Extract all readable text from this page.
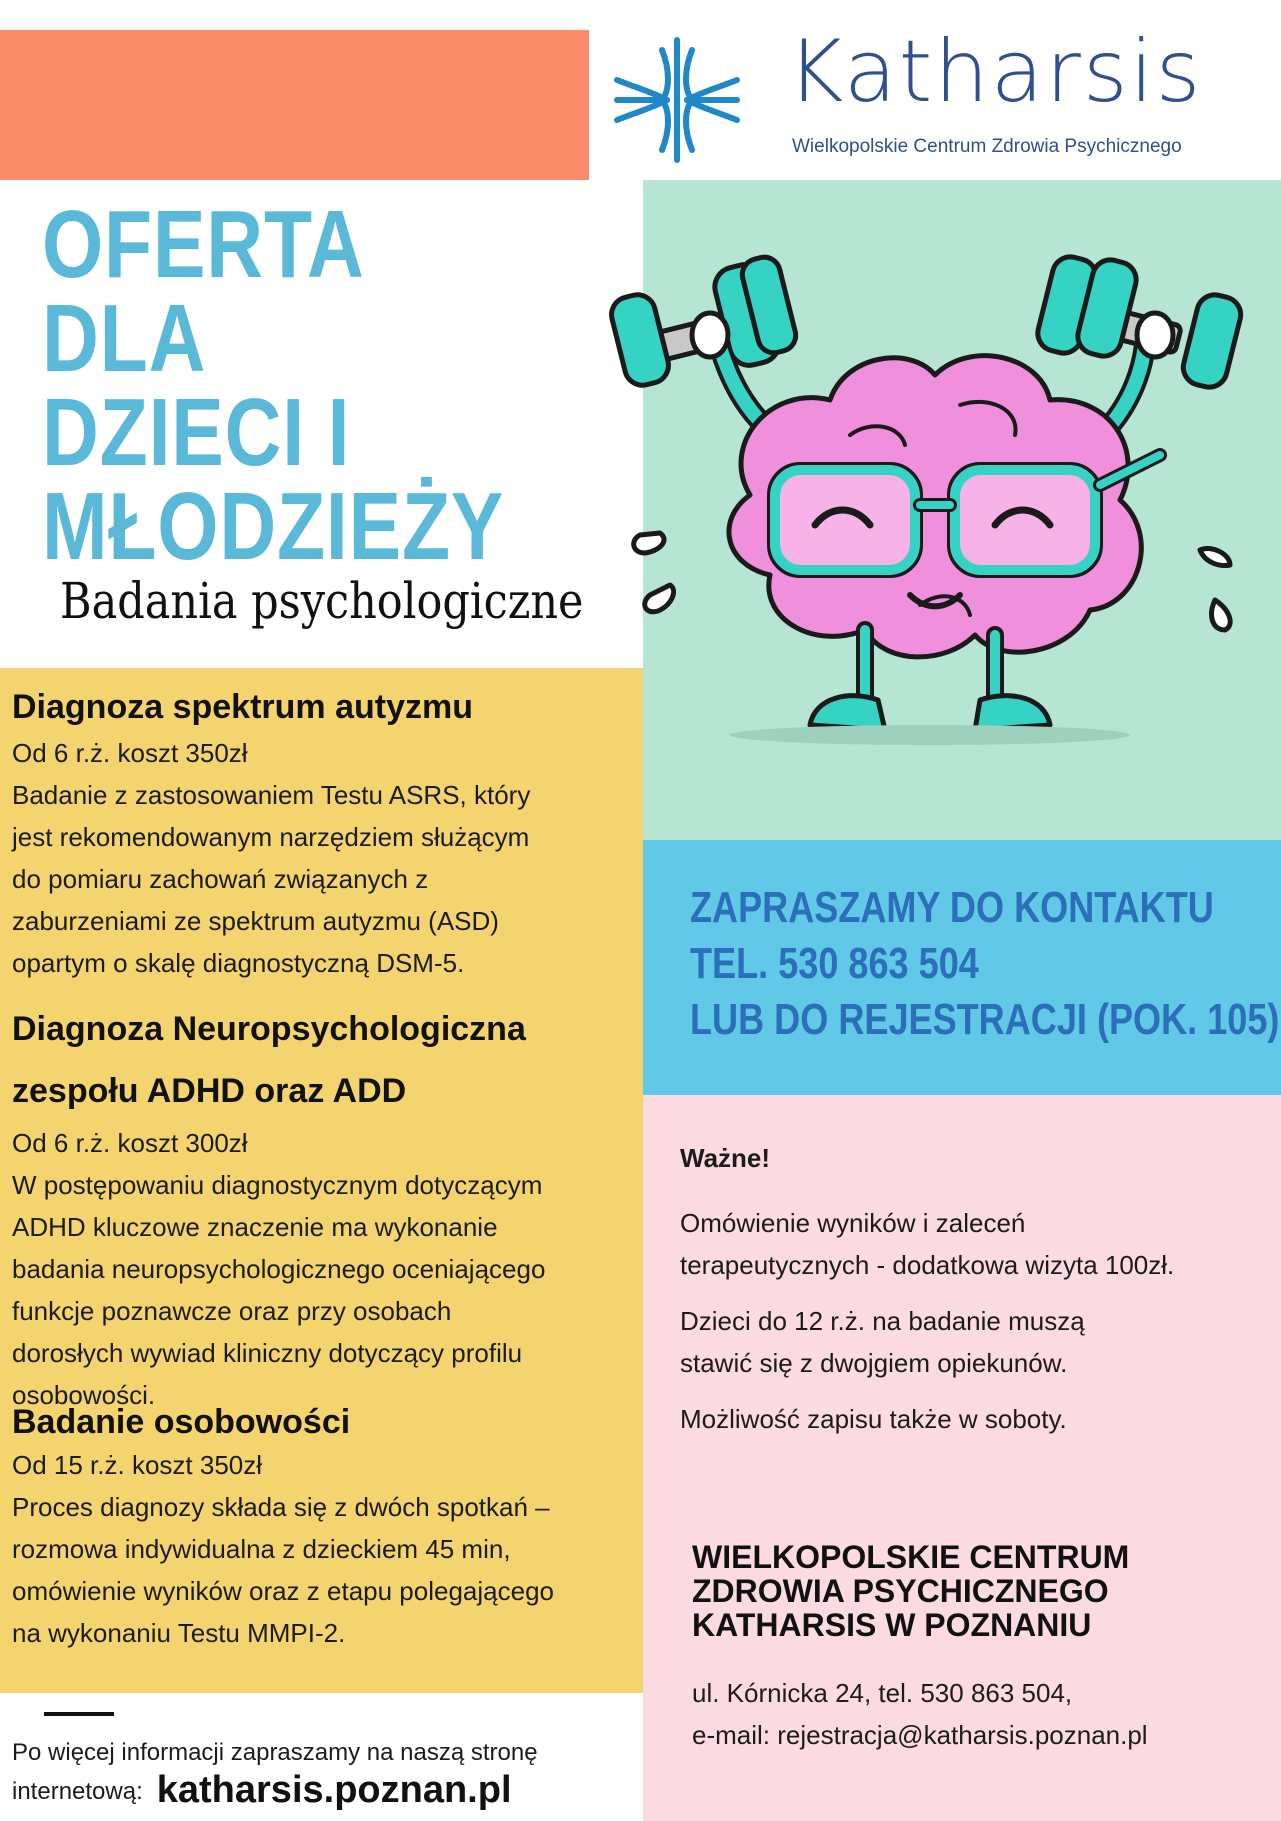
Katharsis
Wielkopolskie Centrum Zdrowia Psychicznego
OFERTA DLA
DZIECI I
MŁODZIEŻY
Badania psychologiczne
ZAPRASZAMY DO KONTAKTU
TEL. 530 863 504
LUB DO REJESTRACJI (POK. 105)
Diagnoza spektrum autyzmu
Od 6 r.ż. koszt 350zł
Badanie z zastosowaniem Testu ASRS, który
jest rekomendowanym narzędziem służącym
do pomiaru zachowań związanych z
zaburzeniami ze spektrum autyzmu (ASD)
opartym o skalę diagnostyczną DSM-5.
Diagnoza Neuropsychologiczna
zespołu ADHD oraz ADD
Od 6 r.ż. koszt 300zł
W postępowaniu diagnostycznym dotyczącym
ADHD kluczowe znaczenie ma wykonanie
badania neuropsychologicznego oceniającego
funkcje poznawcze oraz przy osobach
dorosłych wywiad kliniczny dotyczący profilu
osobowości.
Badanie osobowości
Od 15 r.ż. koszt 350zł
Proces diagnozy składa się z dwóch spotkań –
rozmowa indywidualna z dzieckiem 45 min,
omówienie wyników oraz z etapu polegającego
na wykonaniu Testu MMPI-2.
Ważne!

Omówienie wyników i zaleceń
terapeutycznych - dodatkowa wizyta 100zł.

Dzieci do 12 r.ż. na badanie muszą
stawić się z dwojgiem opiekunów.

Możliwość zapisu także w soboty.

WIELKOPOLSKIE CENTRUM
ZDROWIA PSYCHICZNEGO
KATHARSIS W POZNANIU
ul. Kórnicka 24, tel. 530 863 504,
e-mail: rejestracja@katharsis.poznan.pl
Po więcej informacji zapraszamy na naszą stronę
internetową: katharsis.poznan.pl
